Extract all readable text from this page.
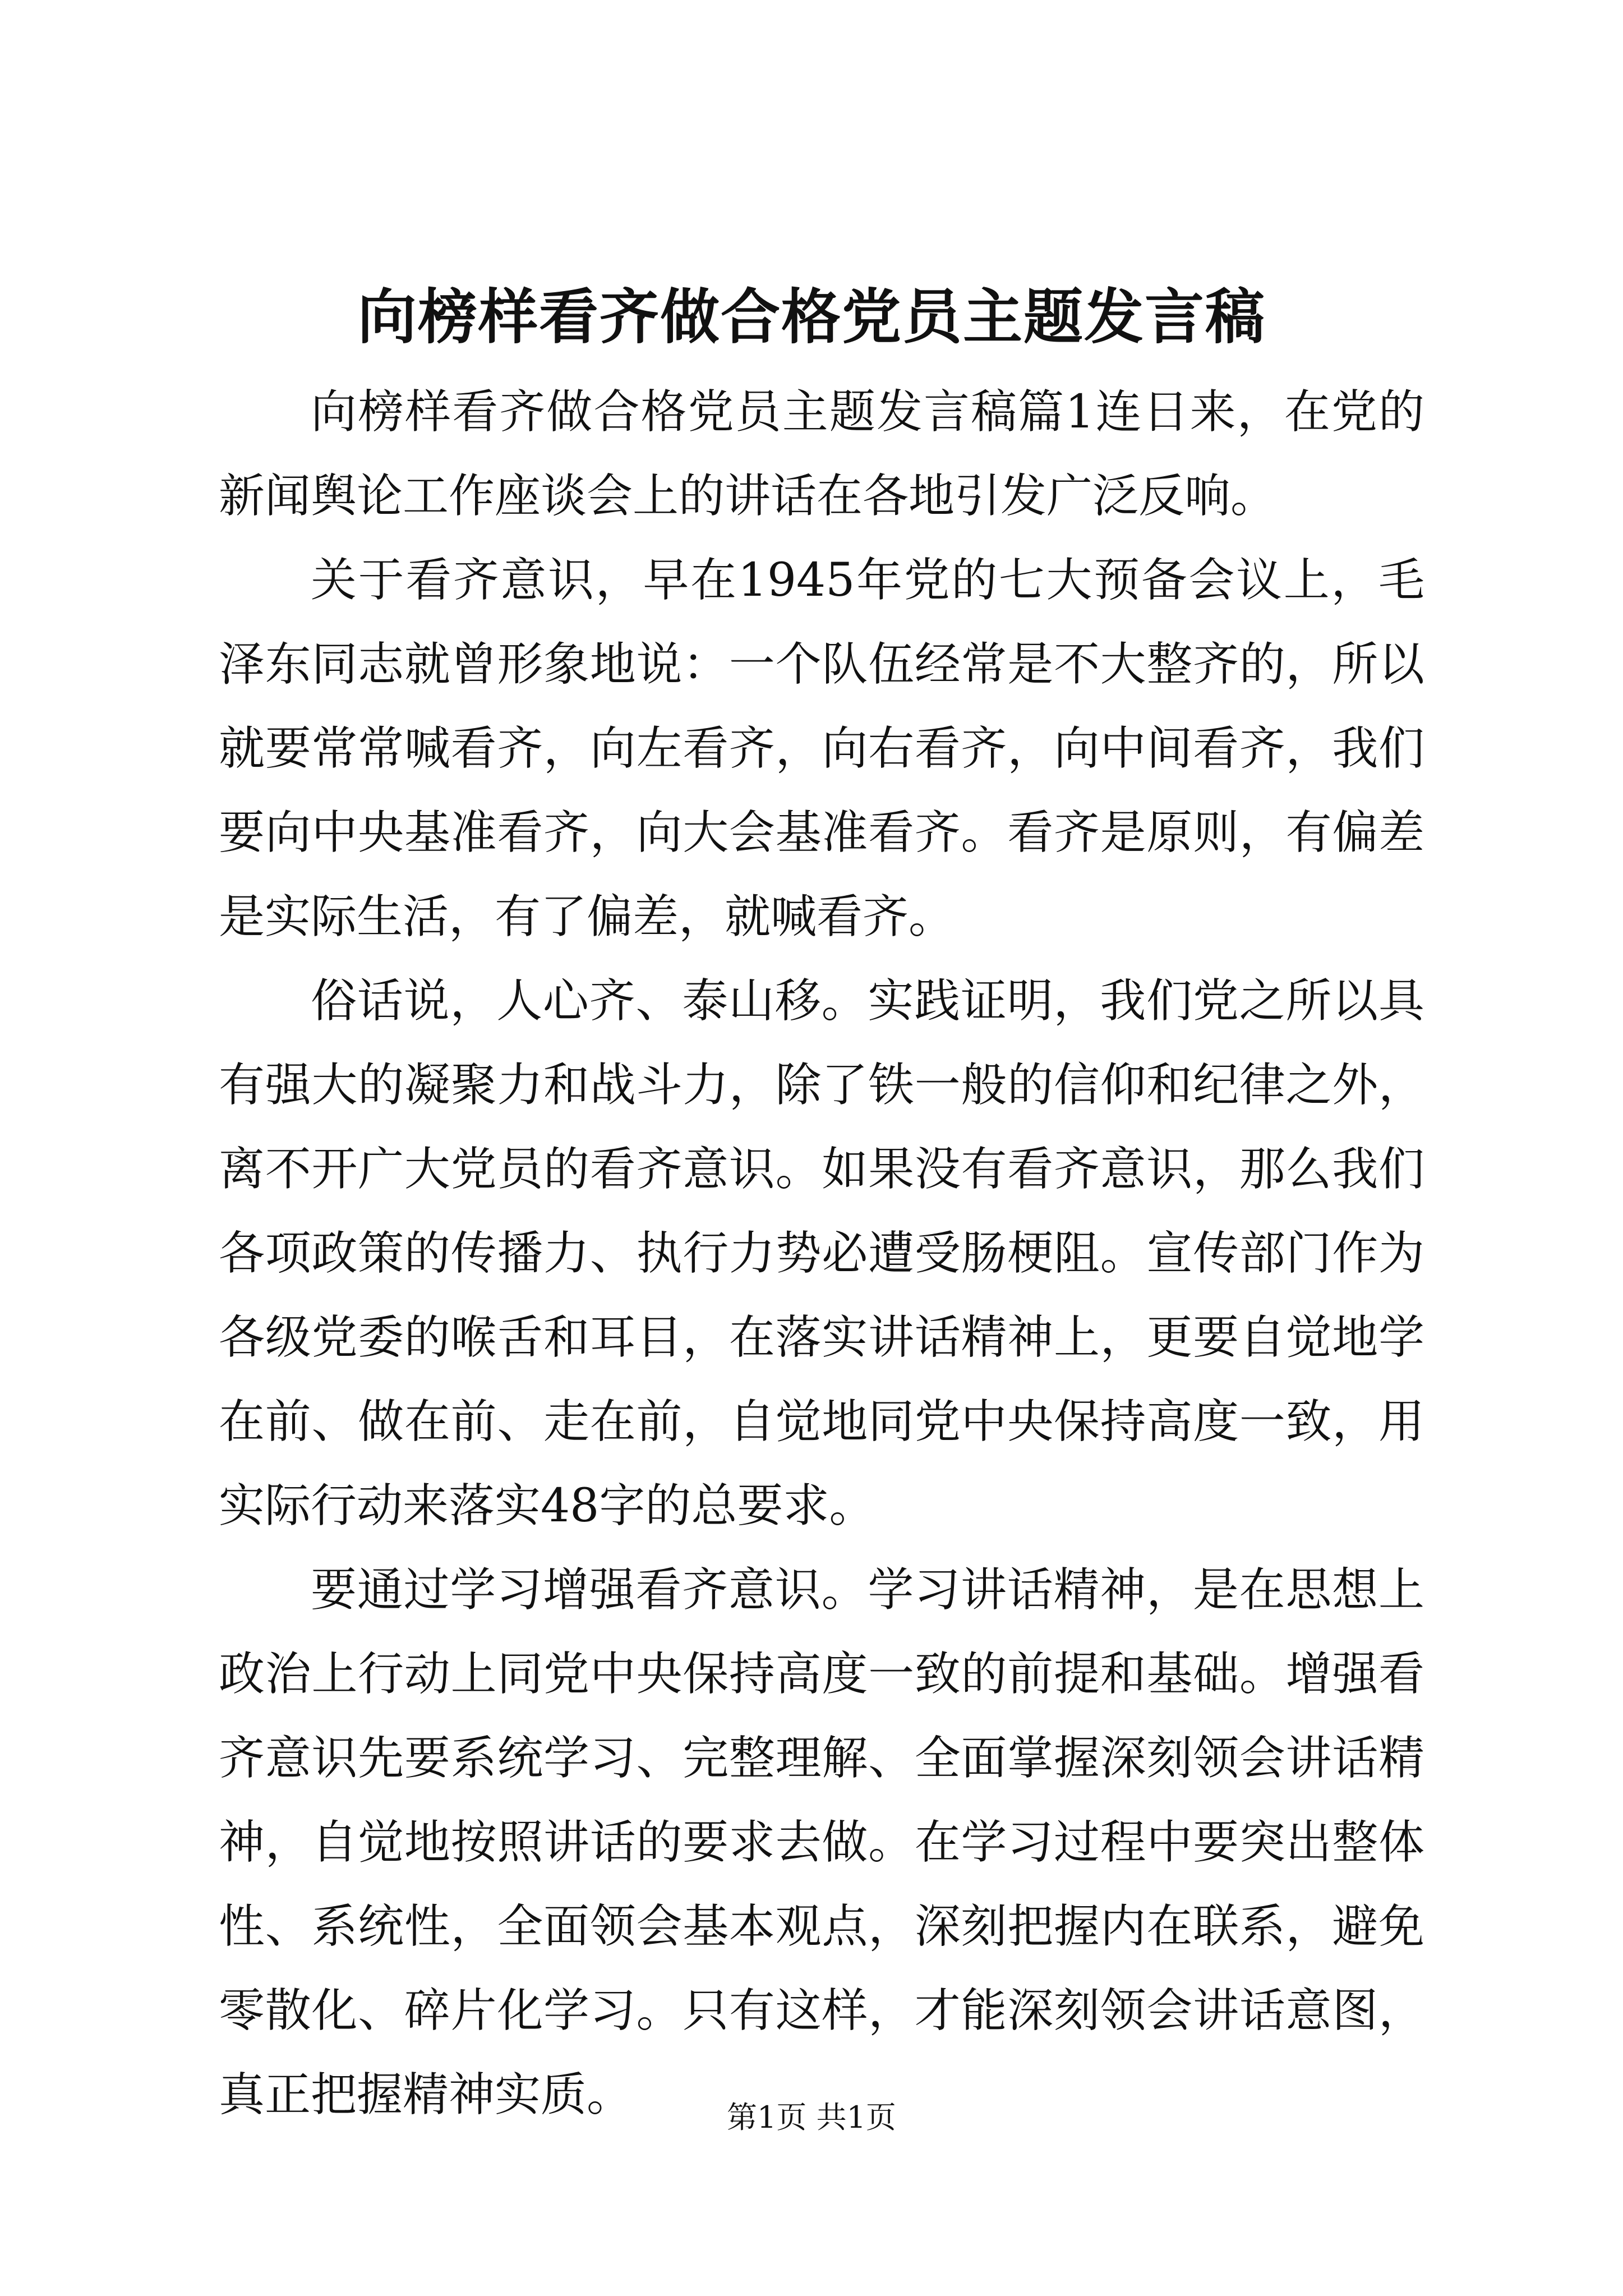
向榜样看齐做合格党员主题发言稿

向榜样看齐做合格党员主题发言稿篇1连日来，在党的新闻舆论工作座谈会上的讲话在各地引发广泛反响。

关于看齐意识，早在1945年党的七大预备会议上，毛泽东同志就曾形象地说：一个队伍经常是不大整齐的，所以就要常常喊看齐，向左看齐，向右看齐，向中间看齐，我们要向中央基准看齐，向大会基准看齐。看齐是原则，有偏差是实际生活，有了偏差，就喊看齐。

俗话说，人心齐、泰山移。实践证明，我们党之所以具有强大的凝聚力和战斗力，除了铁一般的信仰和纪律之外，离不开广大党员的看齐意识。如果没有看齐意识，那么我们各项政策的传播力、执行力势必遭受肠梗阻。宣传部门作为各级党委的喉舌和耳目，在落实讲话精神上，更要自觉地学在前、做在前、走在前，自觉地同党中央保持高度一致，用实际行动来落实48字的总要求。

要通过学习增强看齐意识。学习讲话精神，是在思想上政治上行动上同党中央保持高度一致的前提和基础。增强看齐意识先要系统学习、完整理解、全面掌握深刻领会讲话精神，自觉地按照讲话的要求去做。在学习过程中要突出整体性、系统性，全面领会基本观点，深刻把握内在联系，避免零散化、碎片化学习。只有这样，才能深刻领会讲话意图，真正把握精神实质。	第1页 共1页
